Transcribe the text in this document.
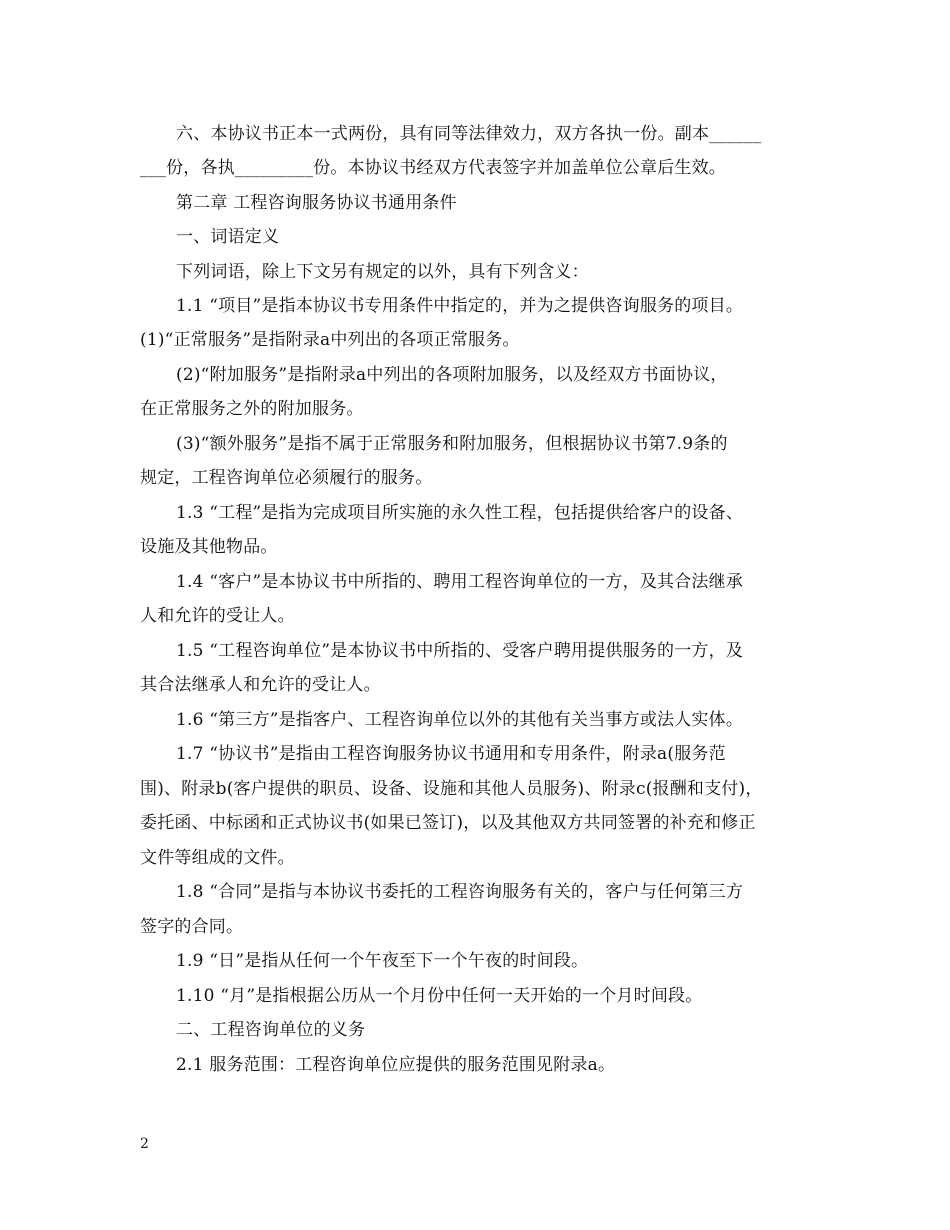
六、本协议书正本一式两份，具有同等法律效力，双方各执一份。副本______
___份，各执_________份。本协议书经双方代表签字并加盖单位公章后生效。
第二章 工程咨询服务协议书通用条件
一、词语定义
下列词语，除上下文另有规定的以外，具有下列含义：
1.1 “项目”是指本协议书专用条件中指定的，并为之提供咨询服务的项目。
(1)“正常服务”是指附录a中列出的各项正常服务。
(2)“附加服务”是指附录a中列出的各项附加服务，以及经双方书面协议，
在正常服务之外的附加服务。
(3)“额外服务”是指不属于正常服务和附加服务，但根据协议书第7.9条的
规定，工程咨询单位必须履行的服务。
1.3 “工程”是指为完成项目所实施的永久性工程，包括提供给客户的设备、
设施及其他物品。
1.4 “客户”是本协议书中所指的、聘用工程咨询单位的一方，及其合法继承
人和允许的受让人。
1.5 “工程咨询单位”是本协议书中所指的、受客户聘用提供服务的一方，及
其合法继承人和允许的受让人。
1.6 “第三方”是指客户、工程咨询单位以外的其他有关当事方或法人实体。
1.7 “协议书”是指由工程咨询服务协议书通用和专用条件，附录a(服务范
围)、附录b(客户提供的职员、设备、设施和其他人员服务)、附录c(报酬和支付)，
委托函、中标函和正式协议书(如果已签订)，以及其他双方共同签署的补充和修正
文件等组成的文件。
1.8 “合同”是指与本协议书委托的工程咨询服务有关的，客户与任何第三方
签字的合同。
1.9 “日”是指从任何一个午夜至下一个午夜的时间段。
1.10 “月”是指根据公历从一个月份中任何一天开始的一个月时间段。
二、工程咨询单位的义务
2.1 服务范围：工程咨询单位应提供的服务范围见附录a。
2
